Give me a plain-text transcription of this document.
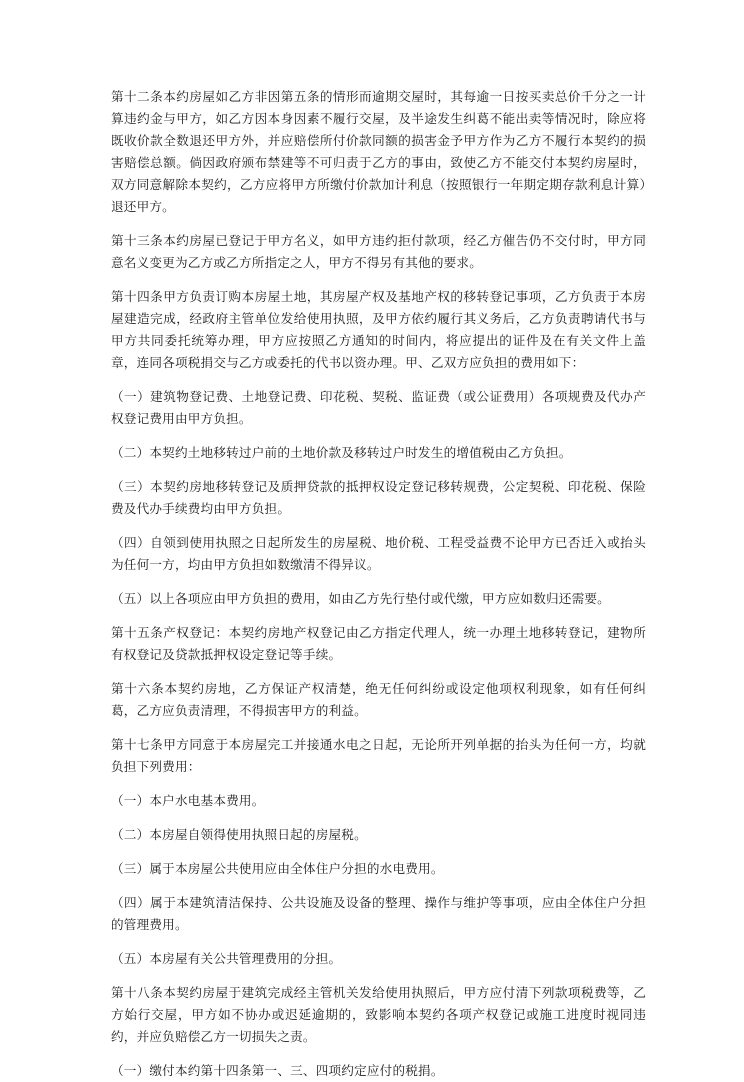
第十二条本约房屋如乙方非因第五条的情形而逾期交屋时，其每逾一日按买卖总价千分之一计算违约金与甲方，如乙方因本身因素不履行交屋，及半途发生纠葛不能出卖等情况时，除应将既收价款全数退还甲方外，并应赔偿所付价款同额的损害金予甲方作为乙方不履行本契约的损害赔偿总额。倘因政府颁布禁建等不可归责于乙方的事由，致使乙方不能交付本契约房屋时，双方同意解除本契约，乙方应将甲方所缴付价款加计利息（按照银行一年期定期存款利息计算）退还甲方。

第十三条本约房屋已登记于甲方名义，如甲方违约拒付款项，经乙方催告仍不交付时，甲方同意名义变更为乙方或乙方所指定之人，甲方不得另有其他的要求。

第十四条甲方负责订购本房屋土地，其房屋产权及基地产权的移转登记事项，乙方负责于本房屋建造完成，经政府主管单位发给使用执照，及甲方依约履行其义务后，乙方负责聘请代书与甲方共同委托统筹办理，甲方应按照乙方通知的时间内，将应提出的证件及在有关文件上盖章，连同各项税捐交与乙方或委托的代书以资办理。甲、乙双方应负担的费用如下：

（一）建筑物登记费、土地登记费、印花税、契税、监证费（或公证费用）各项规费及代办产权登记费用由甲方负担。

（二）本契约土地移转过户前的土地价款及移转过户时发生的增值税由乙方负担。

（三）本契约房地移转登记及质押贷款的抵押权设定登记移转规费，公定契税、印花税、保险费及代办手续费均由甲方负担。

（四）自领到使用执照之日起所发生的房屋税、地价税、工程受益费不论甲方已否迁入或抬头为任何一方，均由甲方负担如数缴清不得异议。

（五）以上各项应由甲方负担的费用，如由乙方先行垫付或代缴，甲方应如数归还需要。

第十五条产权登记：本契约房地产权登记由乙方指定代理人，统一办理土地移转登记，建物所有权登记及贷款抵押权设定登记等手续。

第十六条本契约房地，乙方保证产权清楚，绝无任何纠纷或设定他项权利现象，如有任何纠葛，乙方应负责清理，不得损害甲方的利益。

第十七条甲方同意于本房屋完工并接通水电之日起，无论所开列单据的抬头为任何一方，均就负担下列费用：

（一）本户水电基本费用。

（二）本房屋自领得使用执照日起的房屋税。

（三）属于本房屋公共使用应由全体住户分担的水电费用。

（四）属于本建筑清洁保持、公共设施及设备的整理、操作与维护等事项，应由全体住户分担的管理费用。

（五）本房屋有关公共管理费用的分担。

第十八条本契约房屋于建筑完成经主管机关发给使用执照后，甲方应付清下列款项税费等，乙方始行交屋，甲方如不协办或迟延逾期的，致影响本契约各项产权登记或施工进度时视同违约，并应负赔偿乙方一切损失之责。

（一）缴付本约第十四条第一、三、四项约定应付的税捐。
